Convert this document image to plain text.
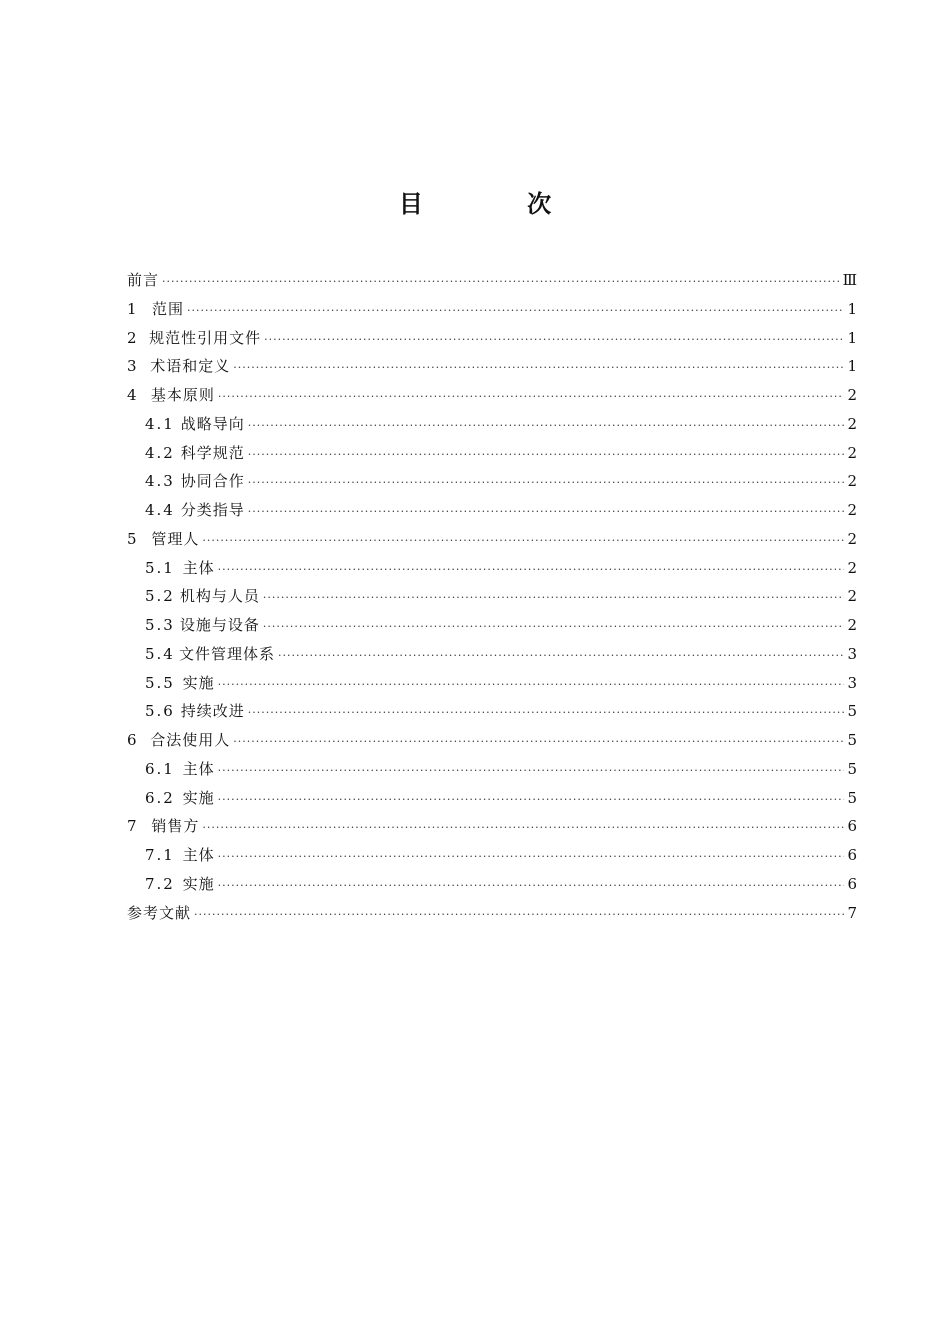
目 次
前言 ·····	Ⅲ
1 范围 ·····	1
2 规范性引用文件 ·····	1
3 术语和定义 ·····	1
4 基本原则 ·····	2
4.1 战略导向 ·····	2
4.2 科学规范 ·····	2
4.3 协同合作 ·····	2
4.4 分类指导 ·····	2
5 管理人 ·····	2
5.1 主体 ·····	2
5.2 机构与人员 ·····	2
5.3 设施与设备 ·····	2
5.4 文件管理体系 ·····	3
5.5 实施 ·····	3
5.6 持续改进 ·····	5
6 合法使用人 ·····	5
6.1 主体 ·····	5
6.2 实施 ·····	5
7 销售方 ·····	6
7.1 主体 ·····	6
7.2 实施 ·····	6
参考文献 ·····	7
